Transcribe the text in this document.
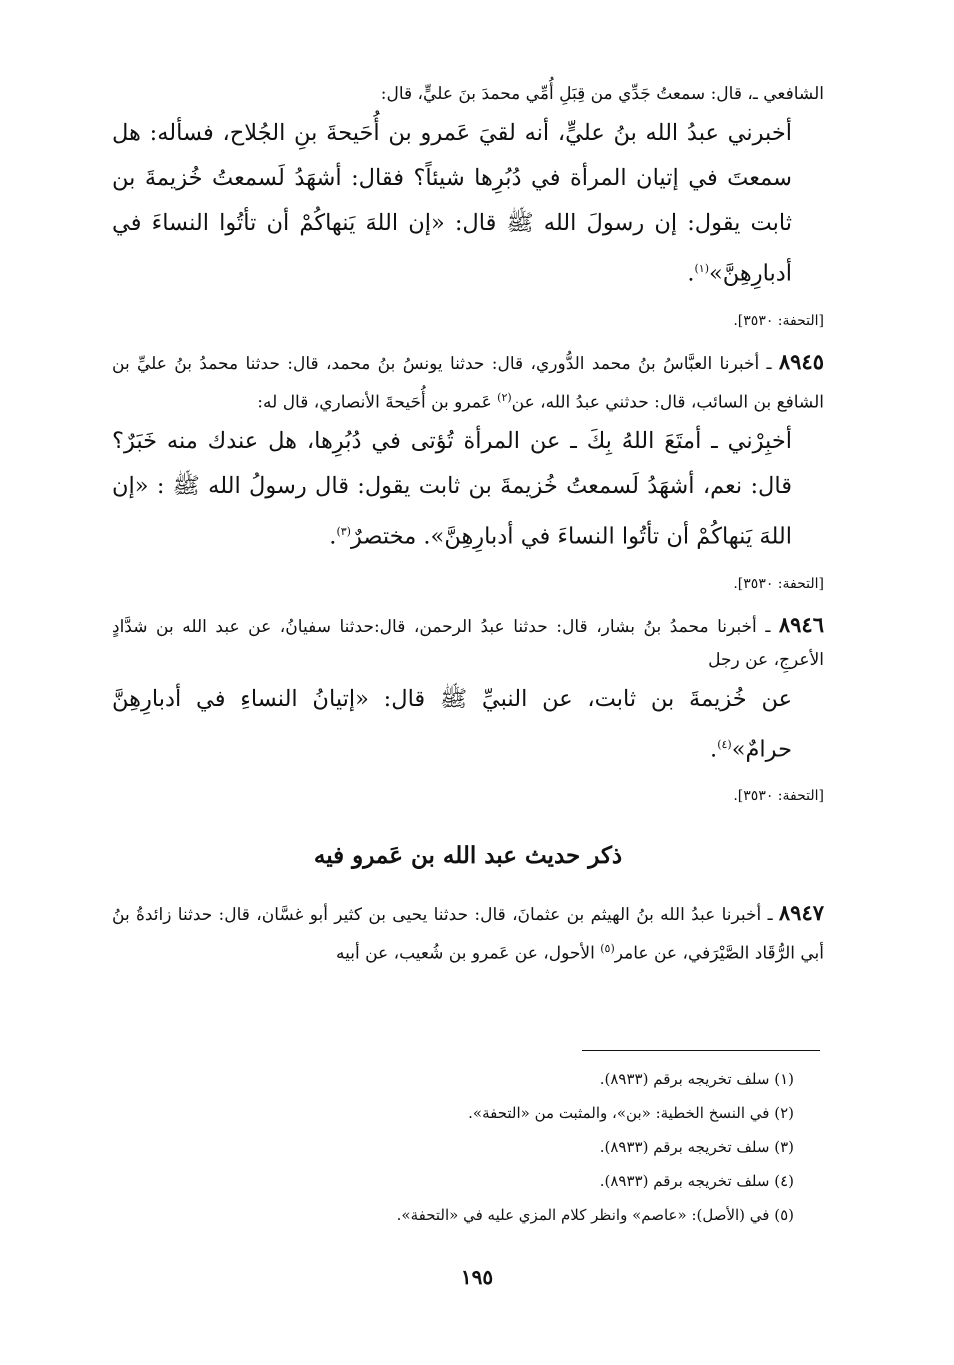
الشافعي ـ، قال: سمعتُ جَدِّي من قِبَلِ أُمِّي محمدَ بنَ عليٍّ، قال:

أخبرني عبدُ الله بنُ عليٍّ، أنه لقيَ عَمرو بن أُحَيحةَ بنِ الجُلاح، فسأله: هل سمعتَ في إتيان المرأة في دُبُرِها شيئاً؟ فقال: أشهَدُ لَسمعتُ خُزيمةَ بن ثابت يقول: إن رسولَ الله ﷺ قال: «إن اللهَ يَنهاكُمْ أن تأتُوا النساءَ في أدبارِهِنَّ»$^{(١)}$.

[التحفة: ٣٥٣٠].

٨٩٤٥ ـ أخبرنا العبَّاسُ بنُ محمد الدُّوري، قال: حدثنا يونسُ بنُ محمد، قال: حدثنا محمدُ بنُ عليِّ بن الشافع بن السائب، قال: حدثني عبدُ الله، عن$^{(٢)}$ عَمرو بن أُحَيحةَ الأنصاري، قال له:

أخبِرْني ـ أمتَعَ اللهُ بِكَ ـ عن المرأة تُؤتى في دُبُرِها، هل عندك منه خَبَرٌ؟ قال: نعم، أشهَدُ لَسمعتُ خُزيمةَ بن ثابت يقول: قال رسولُ الله ﷺ : «إن اللهَ يَنهاكُمْ أن تأتُوا النساءَ في أدبارِهِنَّ». مختصرٌ$^{(٣)}$.

[التحفة: ٣٥٣٠].

٨٩٤٦ ـ أخبرنا محمدُ بنُ بشار، قال: حدثنا عبدُ الرحمن، قال:حدثنا سفيانُ، عن عبد الله بن شدَّادٍ الأعرجِ، عن رجل

عن خُزيمةَ بن ثابت، عن النبيِّ ﷺ قال: «إتيانُ النساءِ في أدبارِهِنَّ حرامٌ»$^{(٤)}$.

[التحفة: ٣٥٣٠].

ذكر حديث عبد الله بن عَمرو فيه

٨٩٤٧ ـ أخبرنا عبدُ الله بنُ الهيثم بن عثمانَ، قال: حدثنا يحيى بن كثير أبو غسَّان، قال: حدثنا زائدةُ بنُ أبي الرُّقَاد الصَّيْرَفي، عن عامر$^{(٥)}$ الأحول، عن عَمرو بن شُعيب، عن أبيه

(١) سلف تخريجه برقم (٨٩٣٣).
(٢) في النسخ الخطية: «بن»، والمثبت من «التحفة».
(٣) سلف تخريجه برقم (٨٩٣٣).
(٤) سلف تخريجه برقم (٨٩٣٣).
(٥) في (الأصل): «عاصم» وانظر كلام المزي عليه في «التحفة».
١٩٥
